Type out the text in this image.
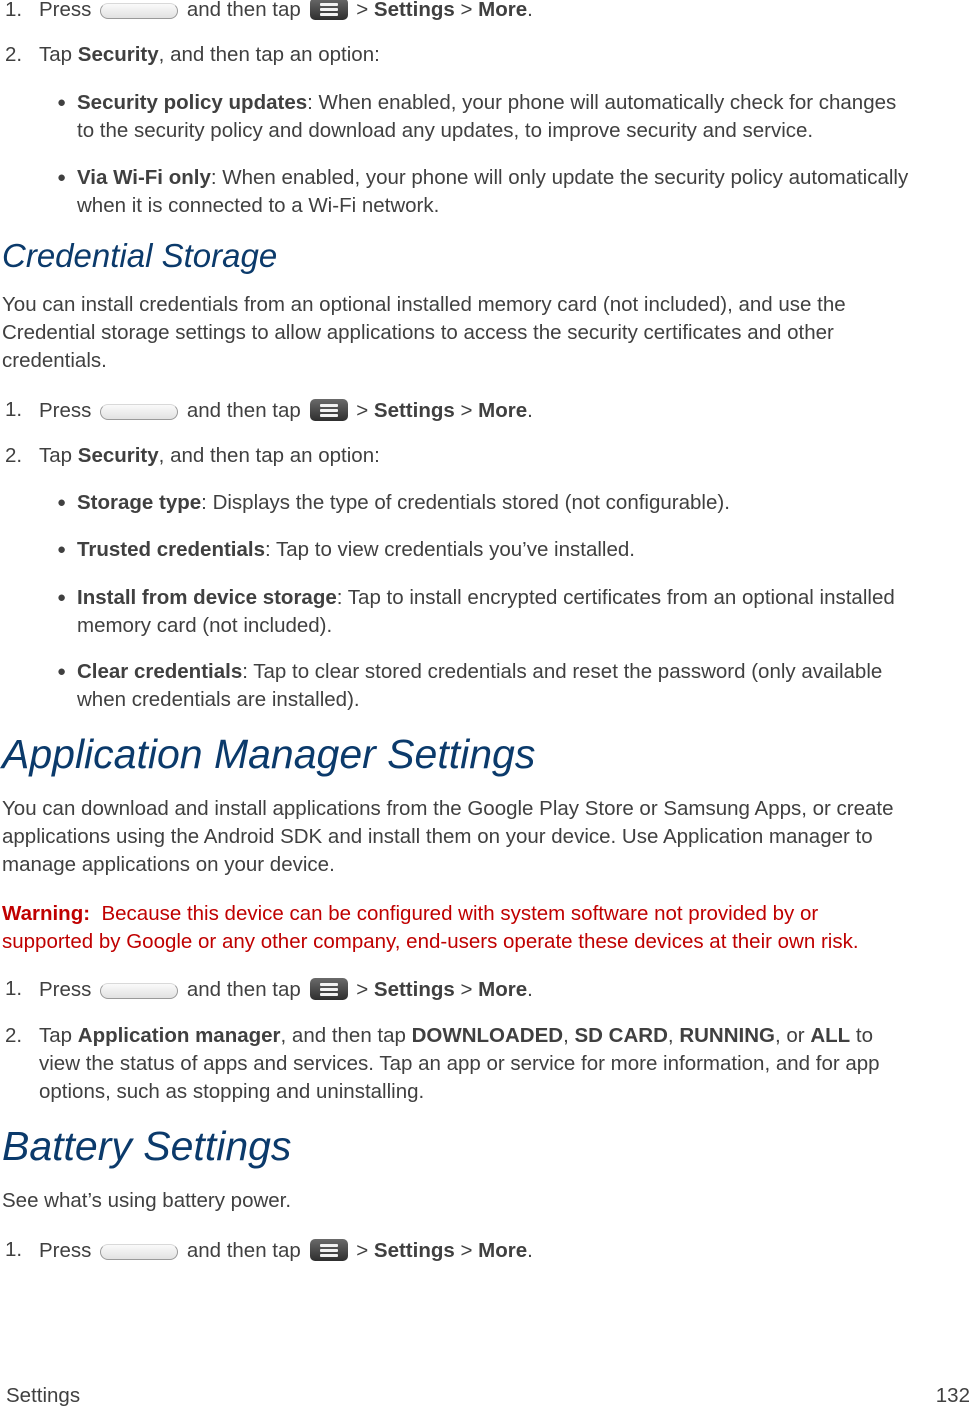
1. Press	and then tap	> Settings > More.
2. Tap Security, and then tap an option:
● Security policy updates: When enabled, your phone will automatically check for changes
to the security policy and download any updates, to improve security and service.
● Via Wi-Fi only: When enabled, your phone will only update the security policy automatically
when it is connected to a Wi-Fi network.
Credential Storage
You can install credentials from an optional installed memory card (not included), and use the
Credential storage settings to allow applications to access the security certificates and other
credentials.
1. Press	and then tap	> Settings > More.
2. Tap Security, and then tap an option:
● Storage type: Displays the type of credentials stored (not configurable).
● Trusted credentials: Tap to view credentials you’ve installed.
● Install from device storage: Tap to install encrypted certificates from an optional installed
memory card (not included).
● Clear credentials: Tap to clear stored credentials and reset the password (only available
when credentials are installed).
Application Manager Settings
You can download and install applications from the Google Play Store or Samsung Apps, or create
applications using the Android SDK and install them on your device. Use Application manager to
manage applications on your device.
Warning: Because this device can be configured with system software not provided by or
supported by Google or any other company, end-users operate these devices at their own risk.
1. Press	and then tap	> Settings > More.
2. Tap Application manager, and then tap DOWNLOADED, SD CARD, RUNNING, or ALL to
view the status of apps and services. Tap an app or service for more information, and for app
options, such as stopping and uninstalling.
Battery Settings
See what’s using battery power.
1. Press	and then tap	> Settings > More.
Settings	132
